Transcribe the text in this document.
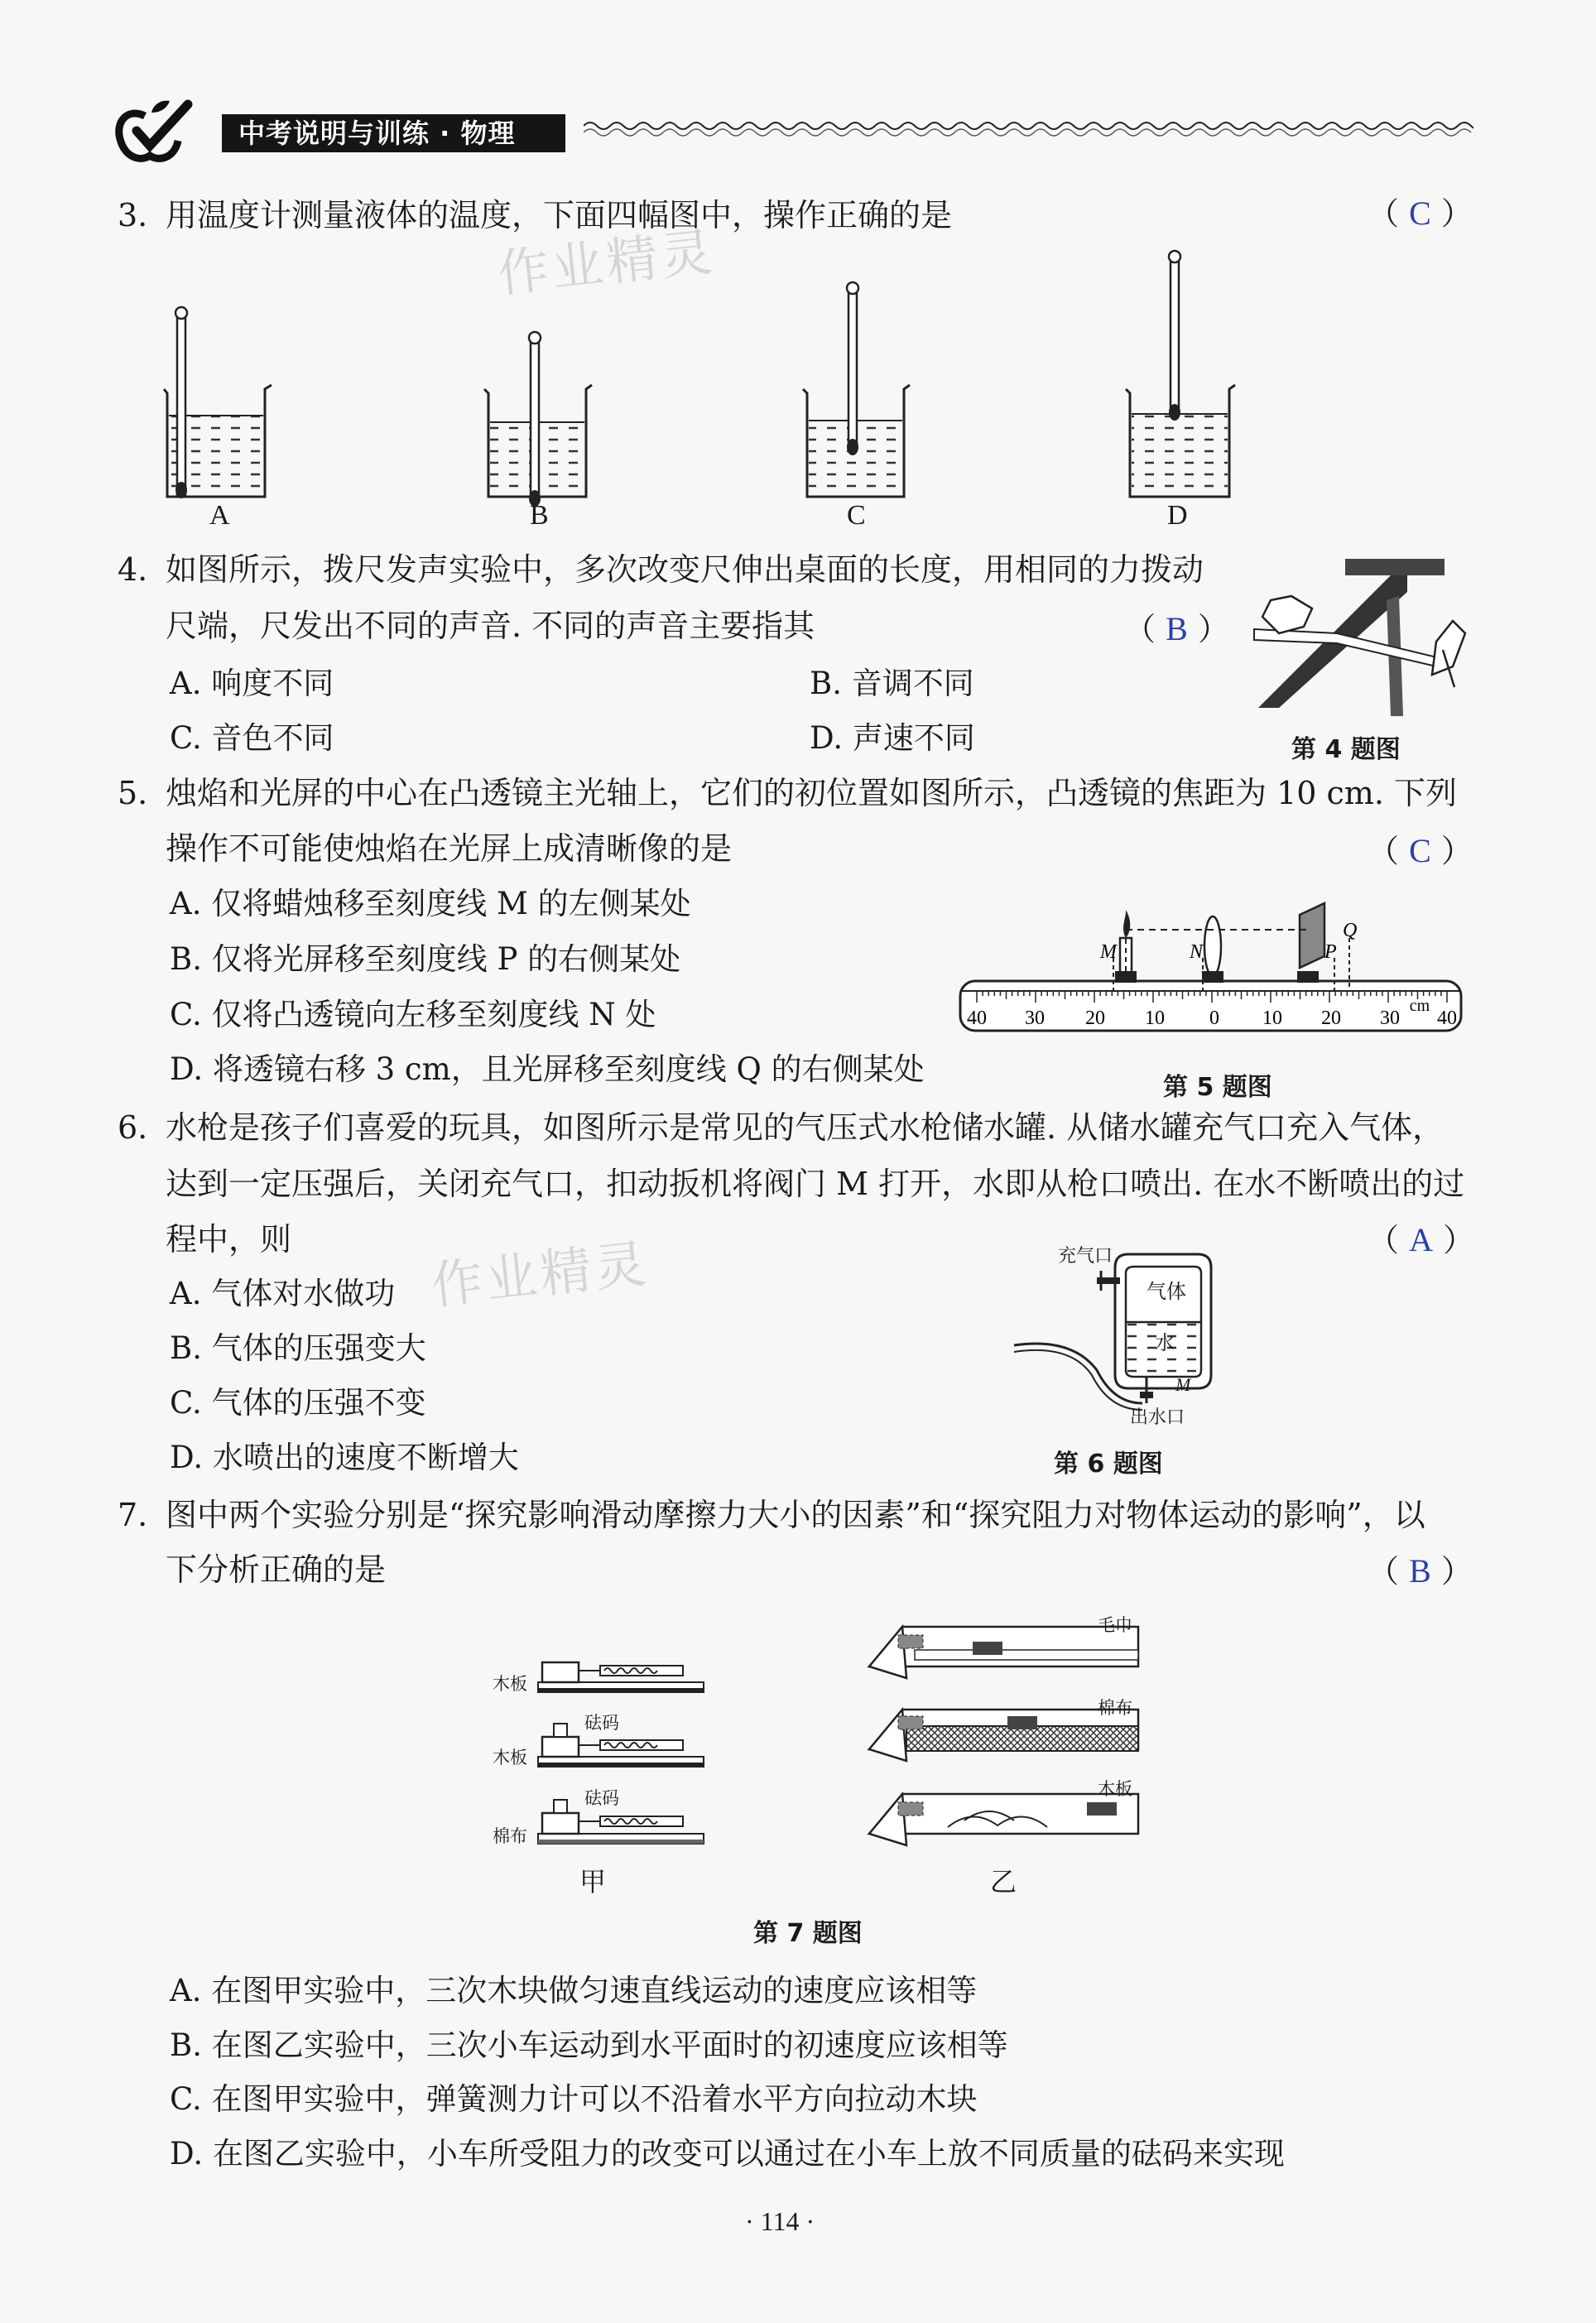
中考说明与训练 · 物理
作业精灵
作业精灵
3. 用温度计测量液体的温度，下面四幅图中，操作正确的是	（ C ）
A	B	C	D
4. 如图所示，拨尺发声实验中，多次改变尺伸出桌面的长度，用相同的力拨动
尺端，尺发出不同的声音. 不同的声音主要指其	（ B ）
A. 响度不同	B. 音调不同
C. 音色不同	D. 声速不同	第 4 题图
5. 烛焰和光屏的中心在凸透镜主光轴上，它们的初位置如图所示，凸透镜的焦距为 10 cm. 下列
操作不可能使烛焰在光屏上成清晰像的是	（ C ）
A. 仅将蜡烛移至刻度线 M 的左侧某处
B. 仅将光屏移至刻度线 P 的右侧某处
C. 仅将凸透镜向左移至刻度线 N 处
D. 将透镜右移 3 cm，且光屏移至刻度线 Q 的右侧某处
M	N	P
Q
40 30 20 10 0 10 20 30 40
cm
第 5 题图
6. 水枪是孩子们喜爱的玩具，如图所示是常见的气压式水枪储水罐. 从储水罐充气口充入气体，
达到一定压强后，关闭充气口，扣动扳机将阀门 M 打开，水即从枪口喷出. 在水不断喷出的过
程中，则	（ A ）
A. 气体对水做功
B. 气体的压强变大
C. 气体的压强不变
D. 水喷出的速度不断增大
充气口
气体
水
M
出水口
第 6 题图
7. 图中两个实验分别是“探究影响滑动摩擦力大小的因素”和“探究阻力对物体运动的影响”，以
下分析正确的是	（ B ）
木板
木板
砝码
砝码
棉布
毛巾
棉布
木板
甲	乙
第 7 题图
A. 在图甲实验中，三次木块做匀速直线运动的速度应该相等
B. 在图乙实验中，三次小车运动到水平面时的初速度应该相等
C. 在图甲实验中，弹簧测力计可以不沿着水平方向拉动木块
D. 在图乙实验中，小车所受阻力的改变可以通过在小车上放不同质量的砝码来实现
· 114 ·
